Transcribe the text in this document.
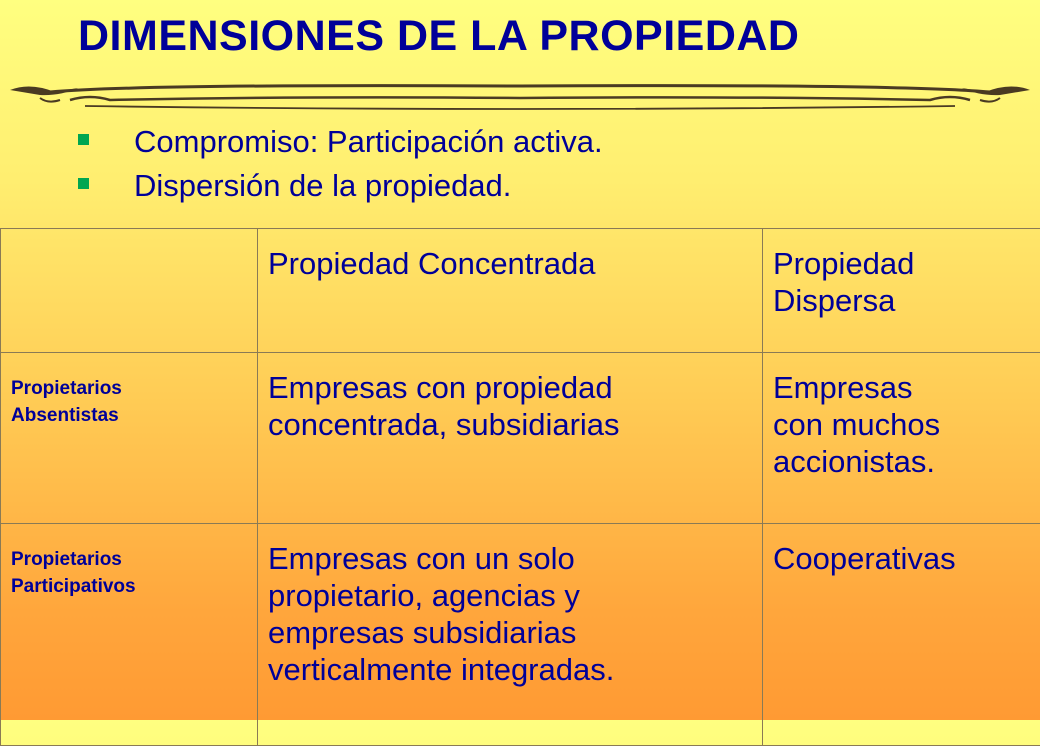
DIMENSIONES DE LA PROPIEDAD
Compromiso: Participación activa.
Dispersión de la propiedad.

	Propiedad Concentrada	Propiedad
Dispersa

Propietarios
Absentistas	Empresas con propiedad
concentrada, subsidiarias	Empresas
con muchos
accionistas.

Propietarios
Participativos	Empresas con un solo
propietario, agencias y
empresas subsidiarias
verticalmente integradas.	Cooperativas
